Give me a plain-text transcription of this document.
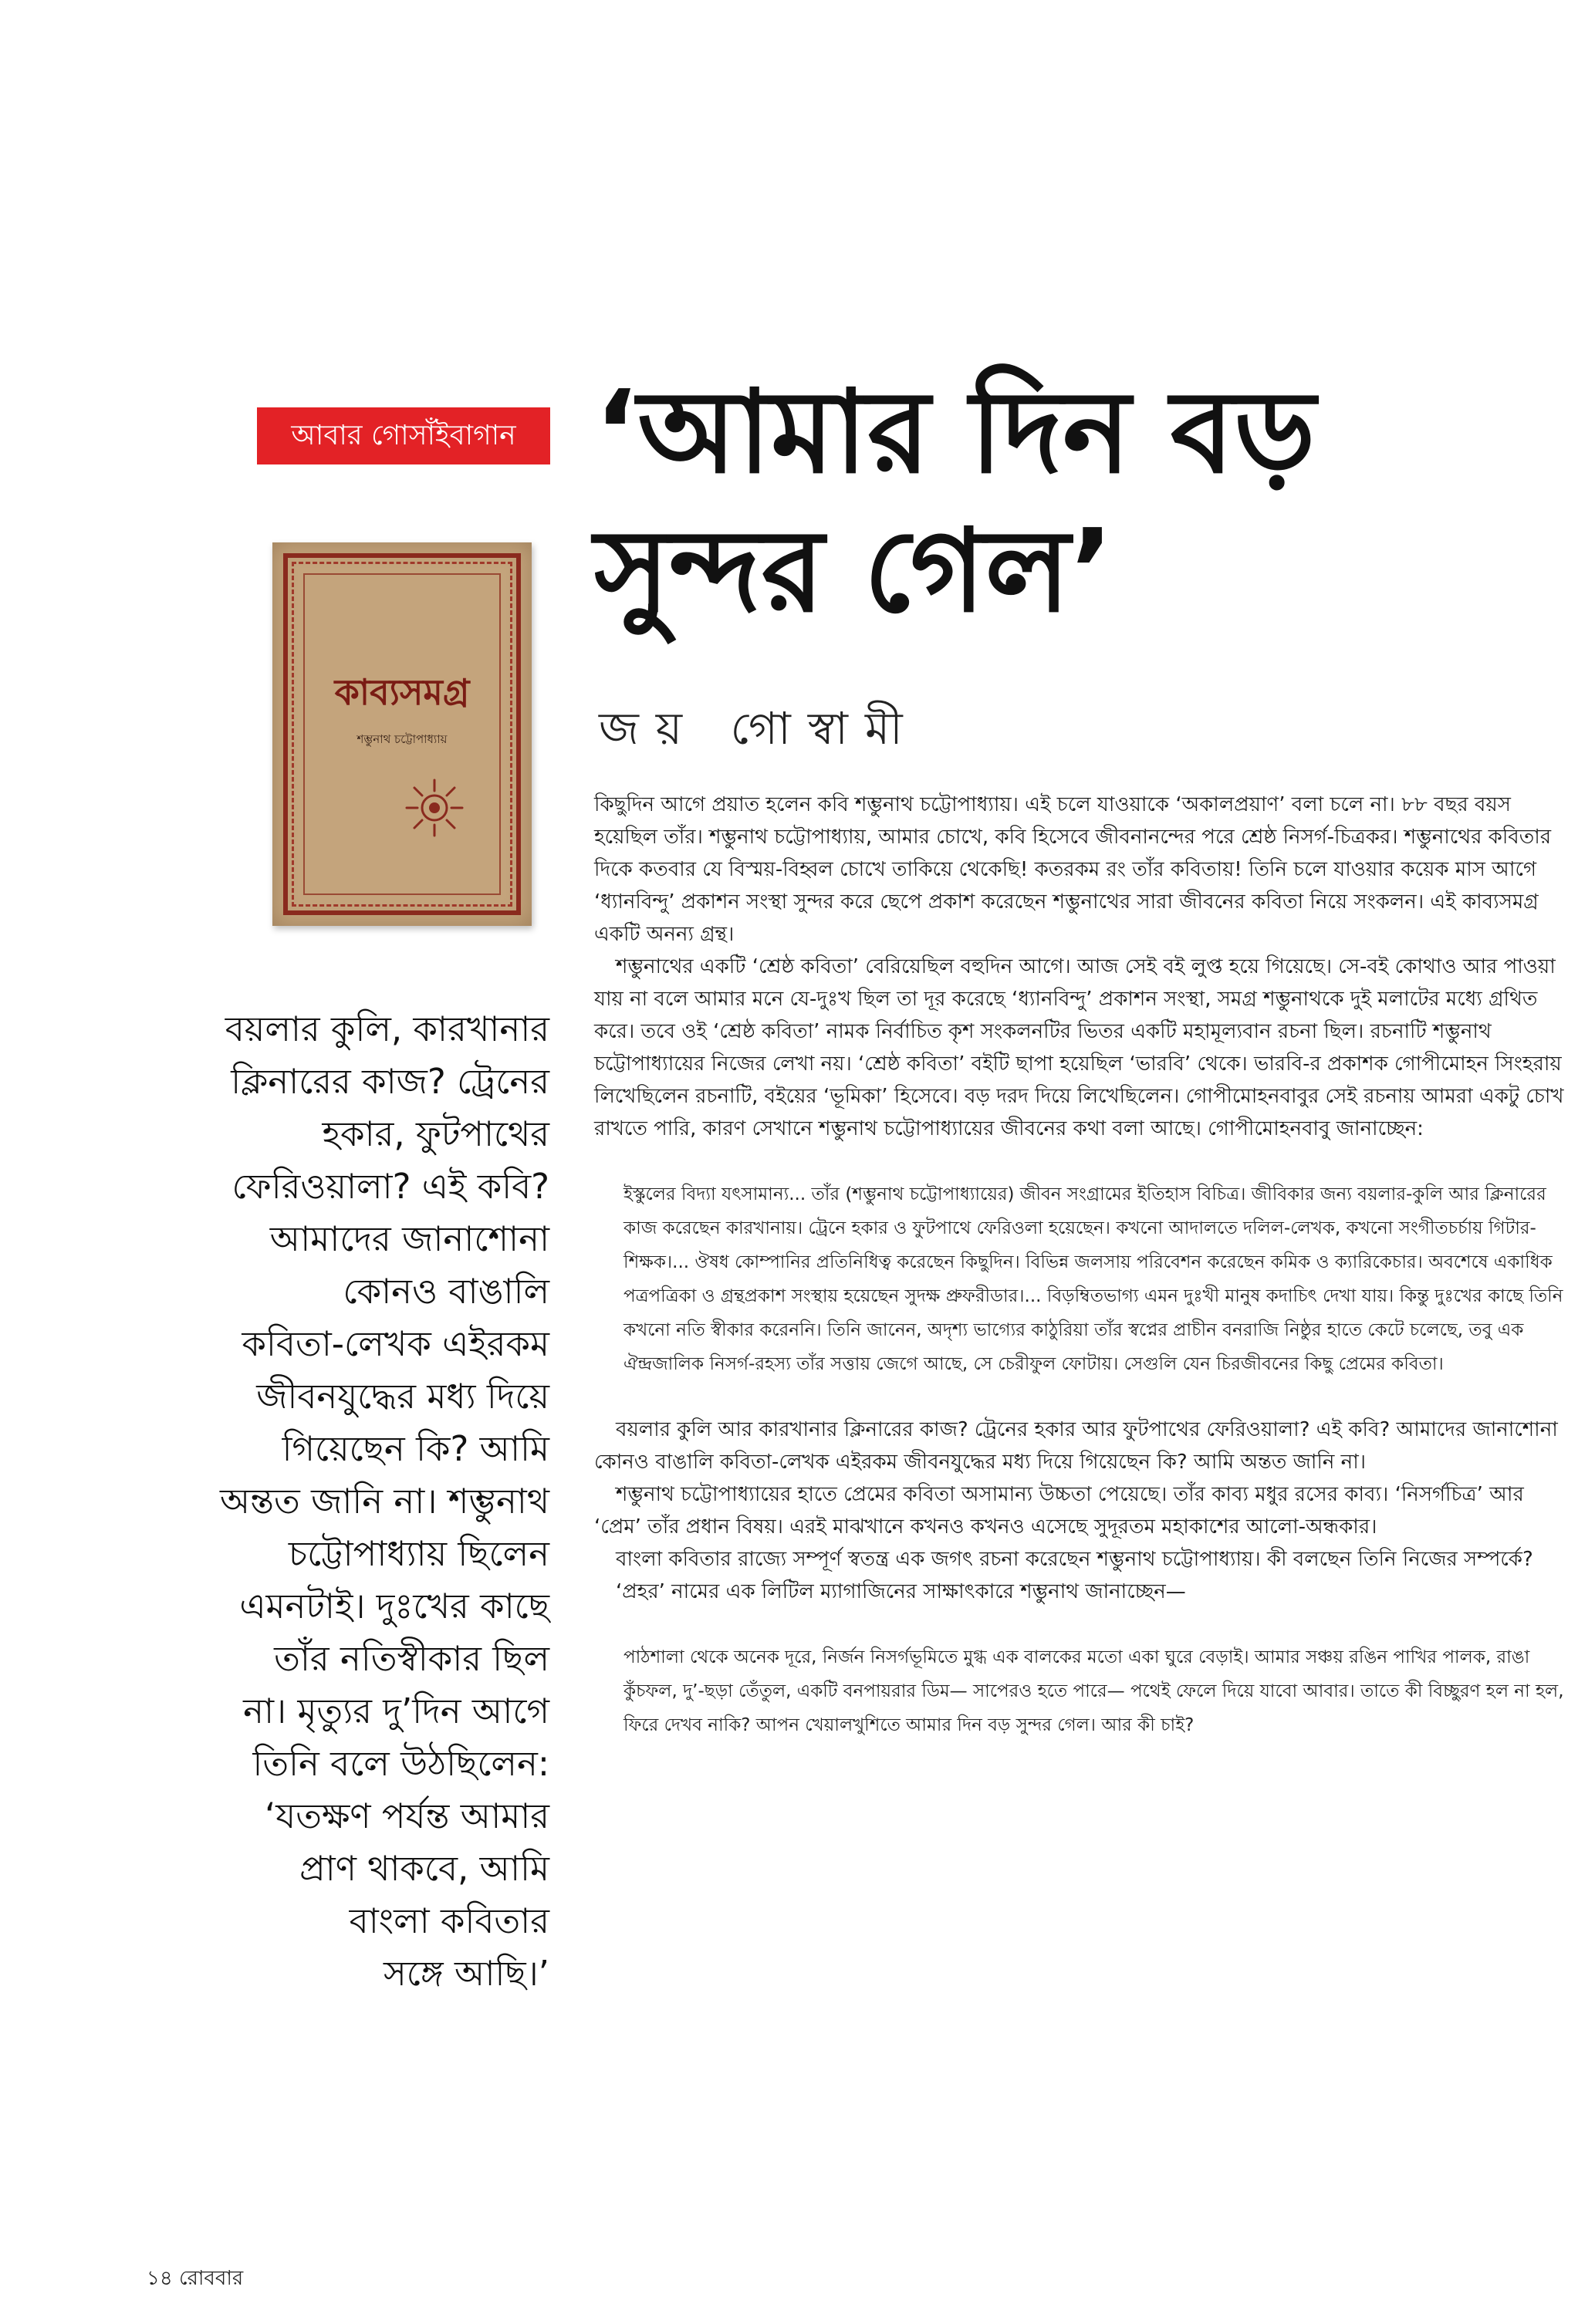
আবার গোসাঁইবাগান ‘আমার দিন বড়
সুন্দর গেল’
জয় গোস্বামী
কাব্যসমগ্র
শম্ভুনাথ চট্টোপাধ্যায়
বয়লার কুলি, কারখানার
ক্লিনারের কাজ? ট্রেনের
হকার, ফুটপাথের
ফেরিওয়ালা? এই কবি?
আমাদের জানাশোনা
কোনও বাঙালি
কবিতা-লেখক এইরকম
জীবনযুদ্ধের মধ্য দিয়ে
গিয়েছেন কি? আমি
অন্তত জানি না। শম্ভুনাথ
চট্টোপাধ্যায় ছিলেন
এমনটাই। দুঃখের কাছে
তাঁর নতিস্বীকার ছিল
না। মৃত্যুর দু’দিন আগে
তিনি বলে উঠছিলেন:
‘যতক্ষণ পর্যন্ত আমার
প্রাণ থাকবে, আমি
বাংলা কবিতার
সঙ্গে আছি।’

কিছুদিন আগে প্রয়াত হলেন কবি শম্ভুনাথ চট্টোপাধ্যায়। এই চলে যাওয়াকে ‘অকালপ্রয়াণ’ বলা চলে না। ৮৮ বছর বয়স হয়েছিল তাঁর। শম্ভুনাথ চট্টোপাধ্যায়, আমার চোখে, কবি হিসেবে জীবনানন্দের পরে শ্রেষ্ঠ নিসর্গ-চিত্রকর। শম্ভুনাথের কবিতার দিকে কতবার যে বিস্ময়-বিহ্বল চোখে তাকিয়ে থেকেছি! কতরকম রং তাঁর কবিতায়! তিনি চলে যাওয়ার কয়েক মাস আগে ‘ধ্যানবিন্দু’ প্রকাশন সংস্থা সুন্দর করে ছেপে প্রকাশ করেছেন শম্ভুনাথের সারা জীবনের কবিতা নিয়ে সংকলন। এই কাব্যসমগ্র একটি অনন্য গ্রন্থ।

শম্ভুনাথের একটি ‘শ্রেষ্ঠ কবিতা’ বেরিয়েছিল বহুদিন আগে। আজ সেই বই লুপ্ত হয়ে গিয়েছে। সে-বই কোথাও আর পাওয়া যায় না বলে আমার মনে যে-দুঃখ ছিল তা দূর করেছে ‘ধ্যানবিন্দু’ প্রকাশন সংস্থা, সমগ্র শম্ভুনাথকে দুই মলাটের মধ্যে গ্রথিত করে। তবে ওই ‘শ্রেষ্ঠ কবিতা’ নামক নির্বাচিত কৃশ সংকলনটির ভিতর একটি মহামূল্যবান রচনা ছিল। রচনাটি শম্ভুনাথ চট্টোপাধ্যায়ের নিজের লেখা নয়। ‘শ্রেষ্ঠ কবিতা’ বইটি ছাপা হয়েছিল ‘ভারবি’ থেকে। ভারবি-র প্রকাশক গোপীমোহন সিংহরায় লিখেছিলেন রচনাটি, বইয়ের ‘ভূমিকা’ হিসেবে। বড় দরদ দিয়ে লিখেছিলেন। গোপীমোহনবাবুর সেই রচনায় আমরা একটু চোখ রাখতে পারি, কারণ সেখানে শম্ভুনাথ চট্টোপাধ্যায়ের জীবনের কথা বলা আছে। গোপীমোহনবাবু জানাচ্ছেন:

ইস্কুলের বিদ্যা যৎসামান্য... তাঁর (শম্ভুনাথ চট্টোপাধ্যায়ের) জীবন সংগ্রামের ইতিহাস বিচিত্র। জীবিকার জন্য বয়লার-কুলি আর ক্লিনারের কাজ করেছেন কারখানায়। ট্রেনে হকার ও ফুটপাথে ফেরিওলা হয়েছেন। কখনো আদালতে দলিল-লেখক, কখনো সংগীতচর্চায় গিটার-শিক্ষক।... ঔষধ কোম্পানির প্রতিনিধিত্ব করেছেন কিছুদিন। বিভিন্ন জলসায় পরিবেশন করেছেন কমিক ও ক্যারিকেচার। অবশেষে একাধিক পত্রপত্রিকা ও গ্রন্থপ্রকাশ সংস্থায় হয়েছেন সুদক্ষ প্রুফরীডার।... বিড়ম্বিতভাগ্য এমন দুঃখী মানুষ কদাচিৎ দেখা যায়। কিন্তু দুঃখের কাছে তিনি কখনো নতি স্বীকার করেননি। তিনি জানেন, অদৃশ্য ভাগ্যের কাঠুরিয়া তাঁর স্বপ্নের প্রাচীন বনরাজি নিষ্ঠুর হাতে কেটে চলেছে, তবু এক ঐন্দ্রজালিক নিসর্গ-রহস্য তাঁর সত্তায় জেগে আছে, সে চেরীফুল ফোটায়। সেগুলি যেন চিরজীবনের কিছু প্রেমের কবিতা।

বয়লার কুলি আর কারখানার ক্লিনারের কাজ? ট্রেনের হকার আর ফুটপাথের ফেরিওয়ালা? এই কবি? আমাদের জানাশোনা কোনও বাঙালি কবিতা-লেখক এইরকম জীবনযুদ্ধের মধ্য দিয়ে গিয়েছেন কি? আমি অন্তত জানি না।

শম্ভুনাথ চট্টোপাধ্যায়ের হাতে প্রেমের কবিতা অসামান্য উচ্চতা পেয়েছে। তাঁর কাব্য মধুর রসের কাব্য। ‘নিসর্গচিত্র’ আর ‘প্রেম’ তাঁর প্রধান বিষয়। এরই মাঝখানে কখনও কখনও এসেছে সুদূরতম মহাকাশের আলো-অন্ধকার।

বাংলা কবিতার রাজ্যে সম্পূর্ণ স্বতন্ত্র এক জগৎ রচনা করেছেন শম্ভুনাথ চট্টোপাধ্যায়। কী বলছেন তিনি নিজের সম্পর্কে?

‘প্রহর’ নামের এক লিটিল ম্যাগাজিনের সাক্ষাৎকারে শম্ভুনাথ জানাচ্ছেন—

পাঠশালা থেকে অনেক দূরে, নির্জন নিসর্গভূমিতে মুগ্ধ এক বালকের মতো একা ঘুরে বেড়াই। আমার সঞ্চয় রঙিন পাখির পালক, রাঙা কুঁচফল, দু’-ছড়া তেঁতুল, একটি বনপায়রার ডিম— সাপেরও হতে পারে— পথেই ফেলে দিয়ে যাবো আবার। তাতে কী বিচ্ছুরণ হল না হল, ফিরে দেখব নাকি? আপন খেয়ালখুশিতে আমার দিন বড় সুন্দর গেল। আর কী চাই?

১৪ রোববার
